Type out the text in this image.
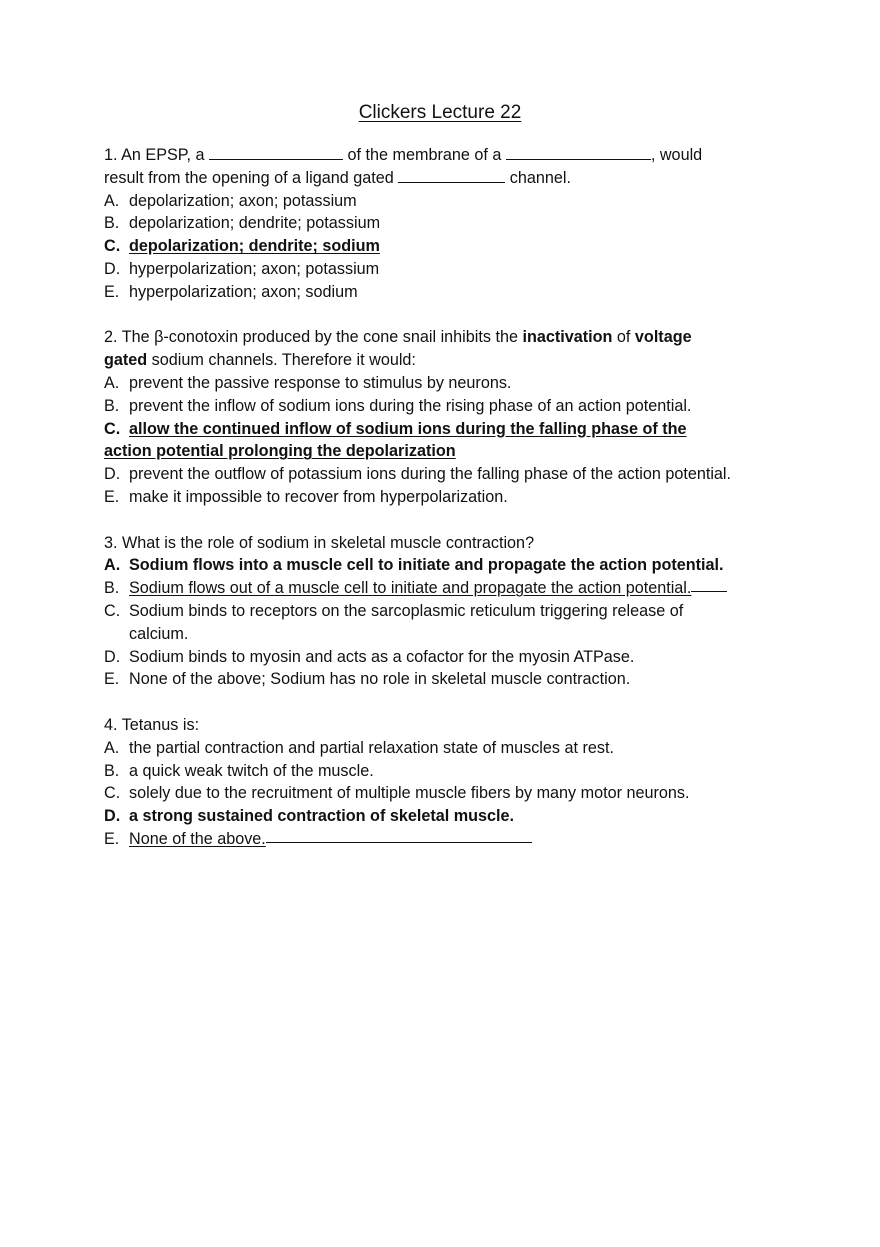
Clickers Lecture 22
1. An EPSP, a	of the membrane of a	, would
result from the opening of a ligand gated	channel.
A. depolarization; axon; potassium
B. depolarization; dendrite; potassium
C. depolarization; dendrite; sodium
D. hyperpolarization; axon; potassium
E. hyperpolarization; axon; sodium
2. The β-conotoxin produced by the cone snail inhibits the inactivation of voltage
gated sodium channels. Therefore it would:
A. prevent the passive response to stimulus by neurons.
B. prevent the inflow of sodium ions during the rising phase of an action potential.
C. allow the continued inflow of sodium ions during the falling phase of the
action potential prolonging the depolarization
D. prevent the outflow of potassium ions during the falling phase of the action potential.
E. make it impossible to recover from hyperpolarization.
3. What is the role of sodium in skeletal muscle contraction?
A. Sodium flows into a muscle cell to initiate and propagate the action potential.
B. Sodium flows out of a muscle cell to initiate and propagate the action potential.
C. Sodium binds to receptors on the sarcoplasmic reticulum triggering release of
calcium.
D. Sodium binds to myosin and acts as a cofactor for the myosin ATPase.
E. None of the above; Sodium has no role in skeletal muscle contraction.
4. Tetanus is:
A. the partial contraction and partial relaxation state of muscles at rest.
B. a quick weak twitch of the muscle.
C. solely due to the recruitment of multiple muscle fibers by many motor neurons.
D. a strong sustained contraction of skeletal muscle.
E. None of the above.
